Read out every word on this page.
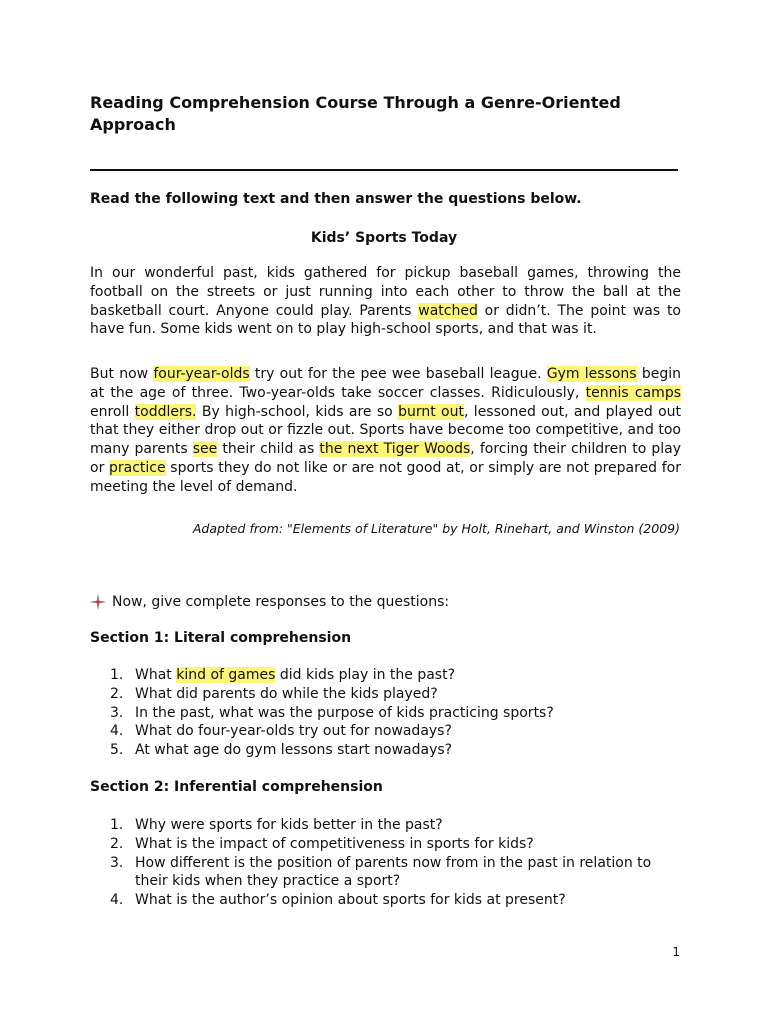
Reading Comprehension Course Through a Genre-Oriented Approach
Read the following text and then answer the questions below.
Kids’ Sports Today

In our wonderful past, kids gathered for pickup baseball games, throwing the football on the streets or just running into each other to throw the ball at the basketball court. Anyone could play. Parents watched or didn’t. The point was to have fun. Some kids went on to play high-school sports, and that was it.

But now four-year-olds try out for the pee wee baseball league. Gym lessons begin at the age of three. Two-year-olds take soccer classes. Ridiculously, tennis camps enroll toddlers. By high-school, kids are so burnt out, lessoned out, and played out that they either drop out or fizzle out. Sports have become too competitive, and too many parents see their child as the next Tiger Woods, forcing their children to play or practice sports they do not like or are not good at, or simply are not prepared for meeting the level of demand.

Adapted from: "Elements of Literature" by Holt, Rinehart, and Winston (2009)
Now, give complete responses to the questions:
Section 1: Literal comprehension
1. What kind of games did kids play in the past?
2. What did parents do while the kids played?
3. In the past, what was the purpose of kids practicing sports?
4. What do four-year-olds try out for nowadays?
5. At what age do gym lessons start nowadays?
Section 2: Inferential comprehension
1. Why were sports for kids better in the past?
2. What is the impact of competitiveness in sports for kids?
3. How different is the position of parents now from in the past in relation to their kids when they practice a sport?
4. What is the author’s opinion about sports for kids at present?
1
